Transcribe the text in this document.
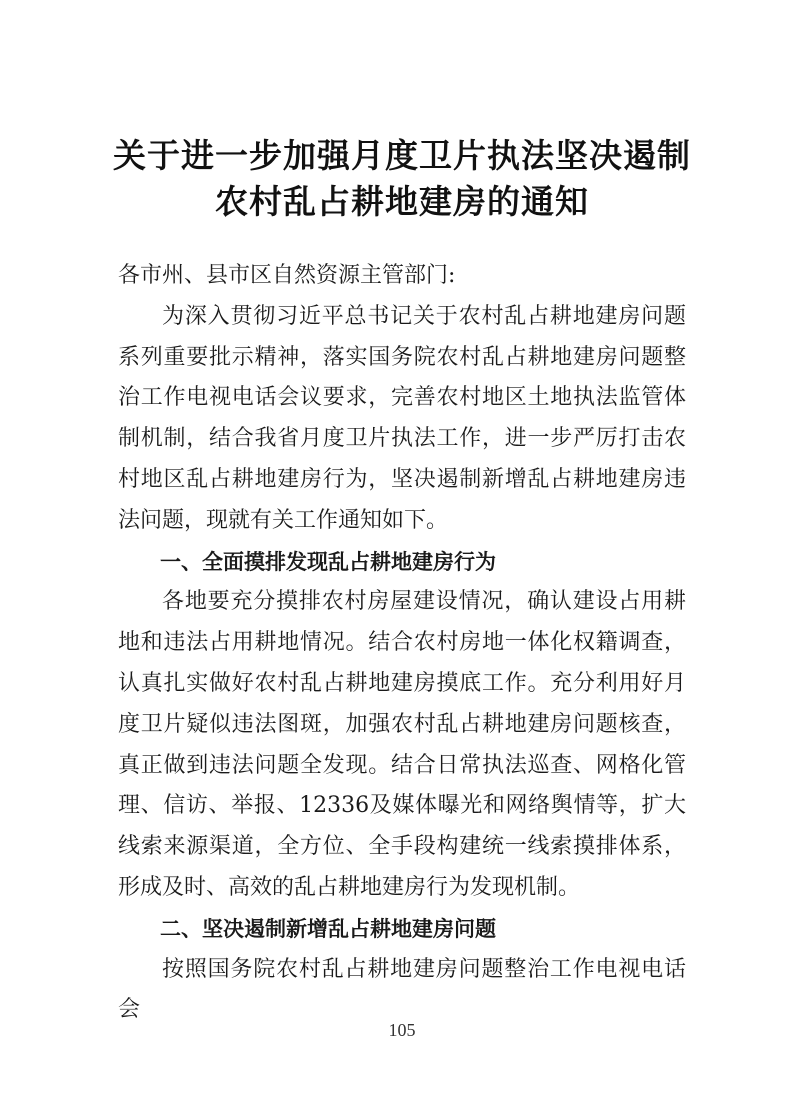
关于进一步加强月度卫片执法坚决遏制
农村乱占耕地建房的通知

各市州、县市区自然资源主管部门:

为深入贯彻习近平总书记关于农村乱占耕地建房问题系列重要批示精神，落实国务院农村乱占耕地建房问题整治工作电视电话会议要求，完善农村地区土地执法监管体制机制，结合我省月度卫片执法工作，进一步严厉打击农村地区乱占耕地建房行为，坚决遏制新增乱占耕地建房违法问题，现就有关工作通知如下。

一、全面摸排发现乱占耕地建房行为

各地要充分摸排农村房屋建设情况，确认建设占用耕地和违法占用耕地情况。结合农村房地一体化权籍调查，认真扎实做好农村乱占耕地建房摸底工作。充分利用好月度卫片疑似违法图斑，加强农村乱占耕地建房问题核查，真正做到违法问题全发现。结合日常执法巡查、网格化管理、信访、举报、12336及媒体曝光和网络舆情等，扩大线索来源渠道，全方位、全手段构建统一线索摸排体系，形成及时、高效的乱占耕地建房行为发现机制。

二、坚决遏制新增乱占耕地建房问题

按照国务院农村乱占耕地建房问题整治工作电视电话会

105
